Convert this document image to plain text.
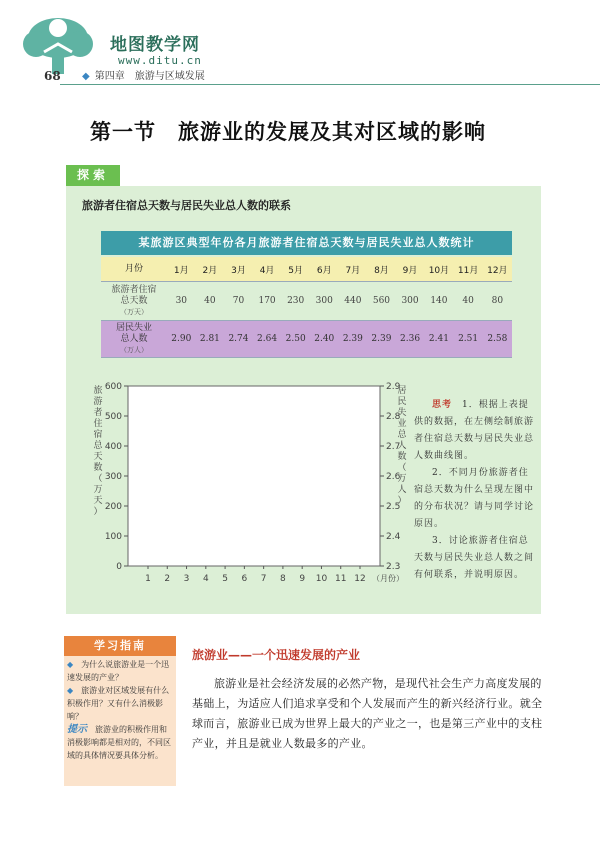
地图教学网
www.ditu.cn
68 ◆ 第四章　旅游与区域发展
第一节　旅游业的发展及其对区域的影响
探索
旅游者住宿总天数与居民失业总人数的联系
某旅游区典型年份各月旅游者住宿总天数与居民失业总人数统计
月份	1月	2月	3月	4月	5月	6月	7月	8月	9月	10月	11月	12月

旅游者住宿
总天数
（万天）	30	40	70	170	230	300	440	560	300	140	40	80

居民失业
总人数
（万人）	2.90	2.81	2.74	2.64	2.50	2.40	2.39	2.39	2.36	2.41	2.51	2.58
旅
游
者
住
宿
总
天
数
（
万
天
）
居
民
失
业
总
人
数
（
万
人
）
0
100
200
300
400
500
600
2.3
2.4
2.5
2.6
2.7
2.8
2.9
1 2 3 4 5 6 7 8 9 10 11 12 （月份）

思考　 1．根据上表提供的数据，在左侧绘制旅游者住宿总天数与居民失业总人数曲线图。

2．不同月份旅游者住宿总天数为什么呈现左图中的分布状况？请与同学讨论原因。

3．讨论旅游者住宿总天数与居民失业总人数之间有何联系，并说明原因。

学习指南

◆　 为什么说旅游业是一个迅速发展的产业？

◆　 旅游业对区域发展有什么积极作用？又有什么消极影响？

提示　 旅游业的积极作用和消极影响都是相对的，不同区域的具体情况要具体分析。

旅游业——一个迅速发展的产业
旅游业是社会经济发展的必然产物，是现代社会生产力高度发展的基础上，为适应人们追求享受和个人发展而产生的新兴经济行业。就全球而言，旅游业已成为世界上最大的产业之一，也是第三产业中的支柱产业，并且是就业人数最多的产业。
